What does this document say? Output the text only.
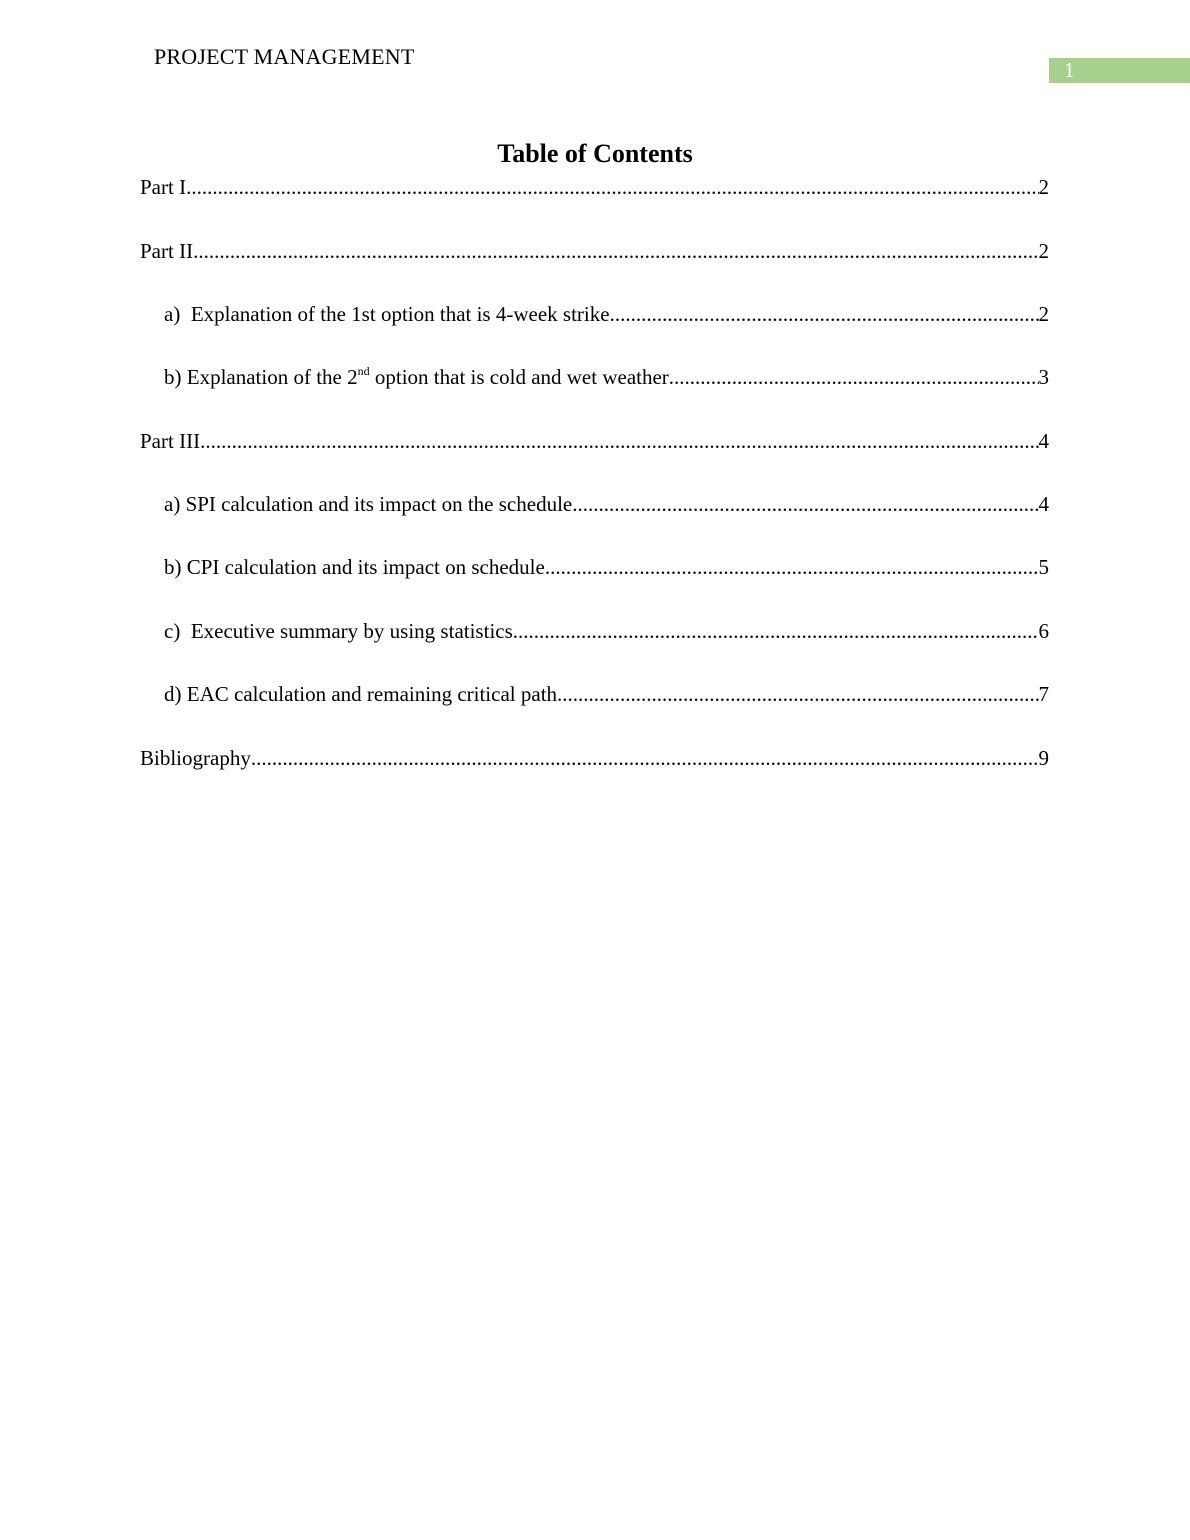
PROJECT MANAGEMENT
1
Table of Contents
Part I .....	2
Part II .....	2
a)  Explanation of the 1st option that is 4-week strike .....	2
b) Explanation of the 2nd option that is cold and wet weather .....	3
Part III .....	4
a) SPI calculation and its impact on the schedule .....	4
b) CPI calculation and its impact on schedule .....	5
c)  Executive summary by using statistics .....	6
d) EAC calculation and remaining critical path .....	7
Bibliography .....	9
